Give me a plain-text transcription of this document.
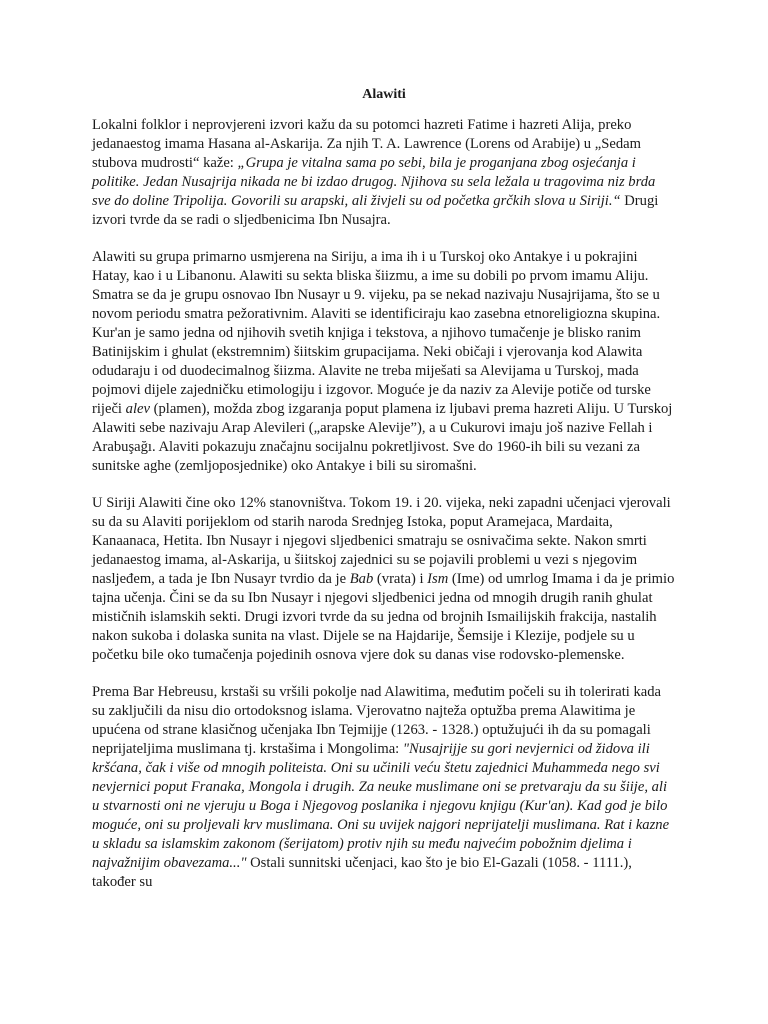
Alawiti

Lokalni folklor i neprovjereni izvori kažu da su potomci hazreti Fatime i hazreti Alija, preko jedanaestog imama Hasana al-Askarija. Za njih T. A. Lawrence (Lorens od Arabije) u „Sedam stubova mudrosti“ kaže: „Grupa je vitalna sama po sebi, bila je proganjana zbog osjećanja i politike. Jedan Nusajrija nikada ne bi izdao drugog. Njihova su sela ležala u tragovima niz brda sve do doline Tripolija. Govorili su arapski, ali živjeli su od početka grčkih slova u Siriji.“ Drugi izvori tvrde da se radi o sljedbenicima Ibn Nusajra.

Alawiti su grupa primarno usmjerena na Siriju, a ima ih i u Turskoj oko Antakye i u pokrajini Hatay, kao i u Libanonu. Alawiti su sekta bliska šiizmu, a ime su dobili po prvom imamu Aliju. Smatra se da je grupu osnovao Ibn Nusayr u 9. vijeku, pa se nekad nazivaju Nusajrijama, što se u novom periodu smatra pežorativnim. Alaviti se identificiraju kao zasebna etnoreligiozna skupina. Kur'an je samo jedna od njihovih svetih knjiga i tekstova, a njihovo tumačenje je blisko ranim Batinijskim i ghulat (ekstremnim) šiitskim grupacijama. Neki običaji i vjerovanja kod Alawita odudaraju i od duodecimalnog šiizma. Alavite ne treba miješati sa Alevijama u Turskoj, mada pojmovi dijele zajedničku etimologiju i izgovor. Moguće je da naziv za Alevije potiče od turske riječi alev (plamen), možda zbog izgaranja poput plamena iz ljubavi prema hazreti Aliju. U Turskoj Alawiti sebe nazivaju Arap Alevileri („arapske Alevije”), a u Cukurovi imaju još nazive Fellah i Arabuşağı. Alaviti pokazuju značajnu socijalnu pokretljivost. Sve do 1960-ih bili su vezani za sunitske aghe (zemljoposjednike) oko Antakye i bili su siromašni.

U Siriji Alawiti čine oko 12% stanovništva. Tokom 19. i 20. vijeka, neki zapadni učenjaci vjerovali su da su Alaviti porijeklom od starih naroda Srednjeg Istoka, poput Aramejaca, Mardaita, Kanaanaca, Hetita. Ibn Nusayr i njegovi sljedbenici smatraju se osnivačima sekte. Nakon smrti jedanaestog imama, al-Askarija, u šiitskoj zajednici su se pojavili problemi u vezi s njegovim nasljeđem, a tada je Ibn Nusayr tvrdio da je Bab (vrata) i Ism (Ime) od umrlog Imama i da je primio tajna učenja. Čini se da su Ibn Nusayr i njegovi sljedbenici jedna od mnogih drugih ranih ghulat mističnih islamskih sekti. Drugi izvori tvrde da su jedna od brojnih Ismailijskih frakcija, nastalih nakon sukoba i dolaska sunita na vlast. Dijele se na Hajdarije, Šemsije i Klezije, podjele su u početku bile oko tumačenja pojedinih osnova vjere dok su danas vise rodovsko-plemenske.

Prema Bar Hebreusu, krstaši su vršili pokolje nad Alawitima, međutim počeli su ih tolerirati kada su zaključili da nisu dio ortodoksnog islama. Vjerovatno najteža optužba prema Alawitima je upućena od strane klasičnog učenjaka Ibn Tejmijje (1263. - 1328.) optužujući ih da su pomagali neprijateljima muslimana tj. krstašima i Mongolima: "Nusajrijje su gori nevjernici od židova ili kršćana, čak i više od mnogih politeista. Oni su učinili veću štetu zajednici Muhammeda nego svi nevjernici poput Franaka, Mongola i drugih. Za neuke muslimane oni se pretvaraju da su šiije, ali u stvarnosti oni ne vjeruju u Boga i Njegovog poslanika i njegovu knjigu (Kur'an). Kad god je bilo moguće, oni su proljevali krv muslimana. Oni su uvijek najgori neprijatelji muslimana. Rat i kazne u skladu sa islamskim zakonom (šerijatom) protiv njih su među najvećim pobožnim djelima i najvažnijim obavezama..." Ostali sunnitski učenjaci, kao što je bio El-Gazali (1058. - 1111.), također su
